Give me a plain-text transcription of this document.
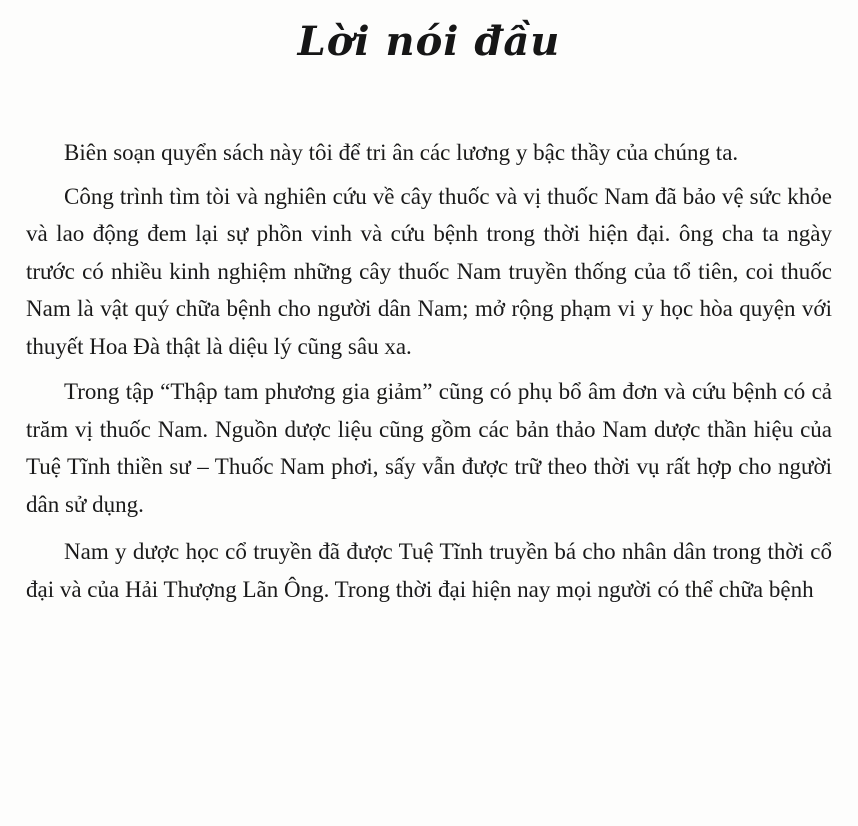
Lời nói đầu

Biên soạn quyển sách này tôi để tri ân các lương y bậc thầy của chúng ta.

Công trình tìm tòi và nghiên cứu về cây thuốc và vị thuốc Nam đã bảo vệ sức khỏe và lao động đem lại sự phồn vinh và cứu bệnh trong thời hiện đại. ông cha ta ngày trước có nhiều kinh nghiệm những cây thuốc Nam truyền thống của tổ tiên, coi thuốc Nam là vật quý chữa bệnh cho người dân Nam; mở rộng phạm vi y học hòa quyện với thuyết Hoa Đà thật là diệu lý cũng sâu xa.

Trong tập “Thập tam phương gia giảm” cũng có phụ bổ âm đơn và cứu bệnh có cả trăm vị thuốc Nam. Nguồn dược liệu cũng gồm các bản thảo Nam dược thần hiệu của Tuệ Tĩnh thiền sư – Thuốc Nam phơi, sấy vẫn được trữ theo thời vụ rất hợp cho người dân sử dụng.

Nam y dược học cổ truyền đã được Tuệ Tĩnh truyền bá cho nhân dân trong thời cổ đại và của Hải Thượng Lãn Ông. Trong thời đại hiện nay mọi người có thể chữa bệnh
